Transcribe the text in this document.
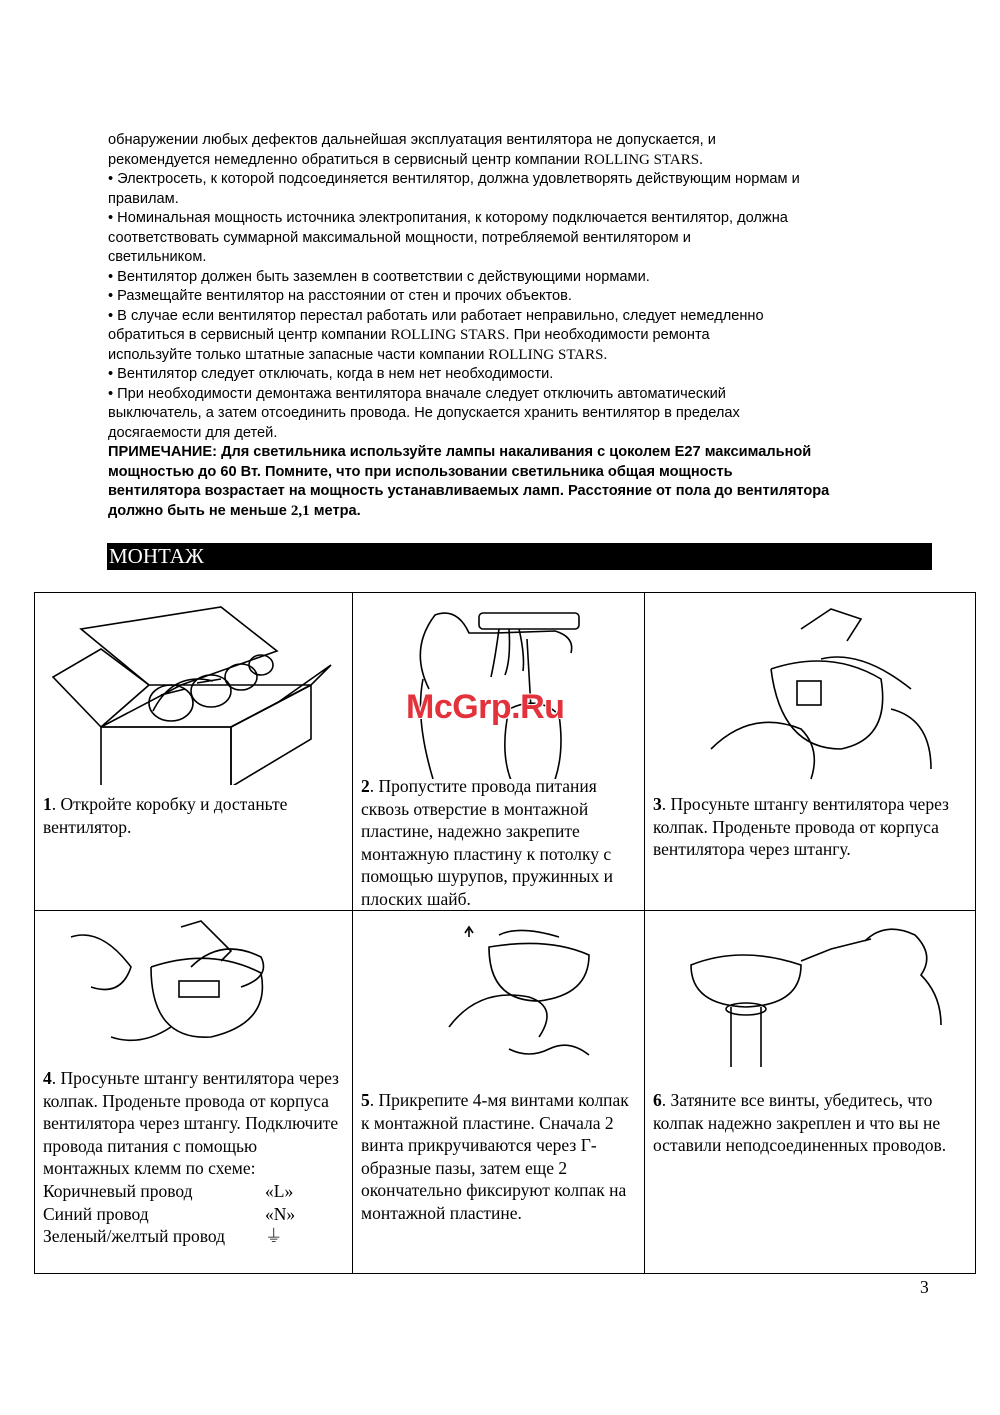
обнаружении любых дефектов дальнейшая эксплуатация вентилятора не допускается, и

рекомендуется немедленно обратиться в сервисный центр компании ROLLING STARS.

• Электросеть, к которой подсоединяется вентилятор, должна удовлетворять действующим нормам и

правилам.

• Номинальная мощность источника электропитания, к которому подключается вентилятор, должна

соответствовать суммарной максимальной мощности, потребляемой вентилятором и

светильником.

• Вентилятор должен быть заземлен в соответствии с действующими нормами.

• Размещайте вентилятор на расстоянии от стен и прочих объектов.

• В случае если вентилятор перестал работать или работает неправильно, следует немедленно

обратиться в сервисный центр компании ROLLING STARS. При необходимости ремонта

используйте только штатные запасные части компании ROLLING STARS.

• Вентилятор следует отключать, когда в нем нет необходимости.

• При необходимости демонтажа вентилятора вначале следует отключить автоматический

выключатель, а затем отсоединить провода. Не допускается хранить вентилятор в пределах

досягаемости для детей.

ПРИМЕЧАНИЕ: Для светильника используйте лампы накаливания с цоколем Е27 максимальной

мощностью до 60 Вт. Помните, что при использовании светильника общая мощность

вентилятора возрастает на мощность устанавливаемых ламп. Расстояние от пола до вентилятора

должно быть не меньше 2,1 метра.

МОНТАЖ
1. Откройте коробку и достаньте вентилятор.
2. Пропустите провода питания сквозь отверстие в монтажной пластине, надежно закрепите монтажную пластину к потолку с помощью шурупов, пружинных и плоских шайб.
3. Просуньте штангу вентилятора через колпак. Проденьте провода от корпуса вентилятора через штангу.
4. Просуньте штангу вентилятора через колпак. Проденьте провода от корпуса вентилятора через штангу. Подключите провода питания с помощью монтажных клемм по схеме:
Коричневый провод	«L»
Синий провод	«N»
Зеленый/желтый провод	⏚
5. Прикрепите 4-мя винтами колпак к монтажной пластине. Сначала 2 винта прикручиваются через Г-образные пазы, затем еще 2 окончательно фиксируют колпак на монтажной пластине.
6. Затяните все винты, убедитесь, что колпак надежно закреплен и что вы не оставили неподсоединенных проводов.
McGrp.Ru
3
